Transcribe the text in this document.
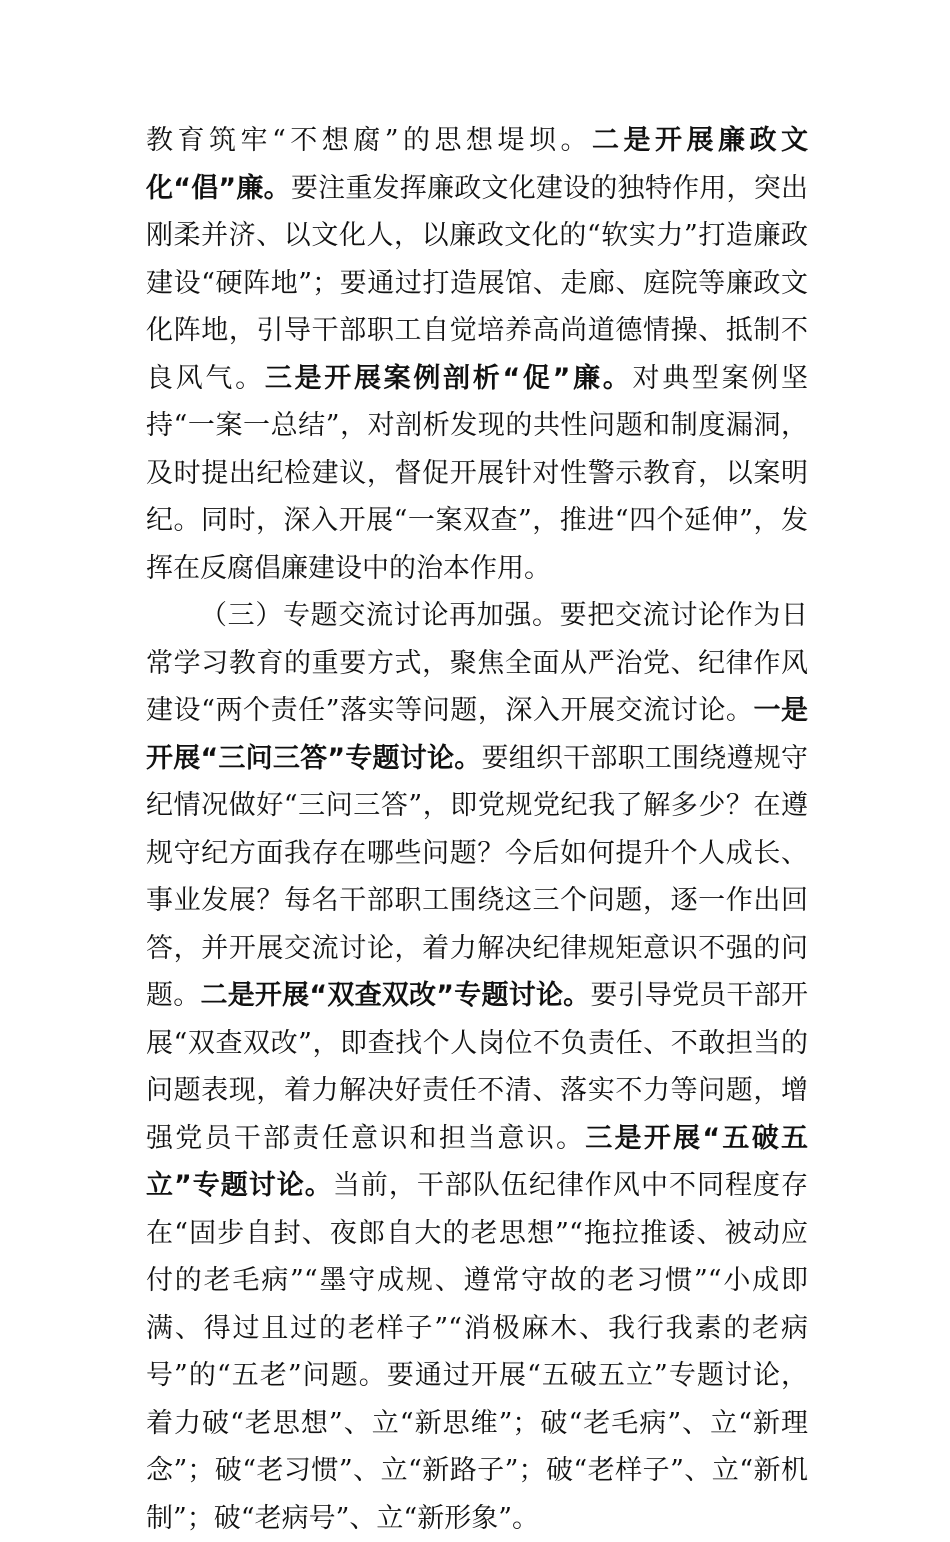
教育筑牢“不想腐”的思想堤坝。二是开展廉政文化“倡”廉。要注重发挥廉政文化建设的独特作用，突出刚柔并济、以文化人，以廉政文化的“软实力”打造廉政建设“硬阵地”；要通过打造展馆、走廊、庭院等廉政文化阵地，引导干部职工自觉培养高尚道德情操、抵制不良风气。三是开展案例剖析“促”廉。对典型案例坚持“一案一总结”，对剖析发现的共性问题和制度漏洞，及时提出纪检建议，督促开展针对性警示教育，以案明纪。同时，深入开展“一案双查”，推进“四个延伸”，发挥在反腐倡廉建设中的治本作用。

（三）专题交流讨论再加强。要把交流讨论作为日常学习教育的重要方式，聚焦全面从严治党、纪律作风建设“两个责任”落实等问题，深入开展交流讨论。一是开展“三问三答”专题讨论。要组织干部职工围绕遵规守纪情况做好“三问三答”，即党规党纪我了解多少？在遵规守纪方面我存在哪些问题？今后如何提升个人成长、事业发展？每名干部职工围绕这三个问题，逐一作出回答，并开展交流讨论，着力解决纪律规矩意识不强的问题。二是开展“双查双改”专题讨论。要引导党员干部开展“双查双改”，即查找个人岗位不负责任、不敢担当的问题表现，着力解决好责任不清、落实不力等问题，增强党员干部责任意识和担当意识。三是开展“五破五立”专题讨论。当前，干部队伍纪律作风中不同程度存在“固步自封、夜郎自大的老思想”“拖拉推诿、被动应付的老毛病”“墨守成规、遵常守故的老习惯”“小成即满、得过且过的老样子”“消极麻木、我行我素的老病号”的“五老”问题。要通过开展“五破五立”专题讨论，着力破“老思想”、立“新思维”；破“老毛病”、立“新理念”；破“老习惯”、立“新路子”；破“老样子”、立“新机制”；破“老病号”、立“新形象”。
